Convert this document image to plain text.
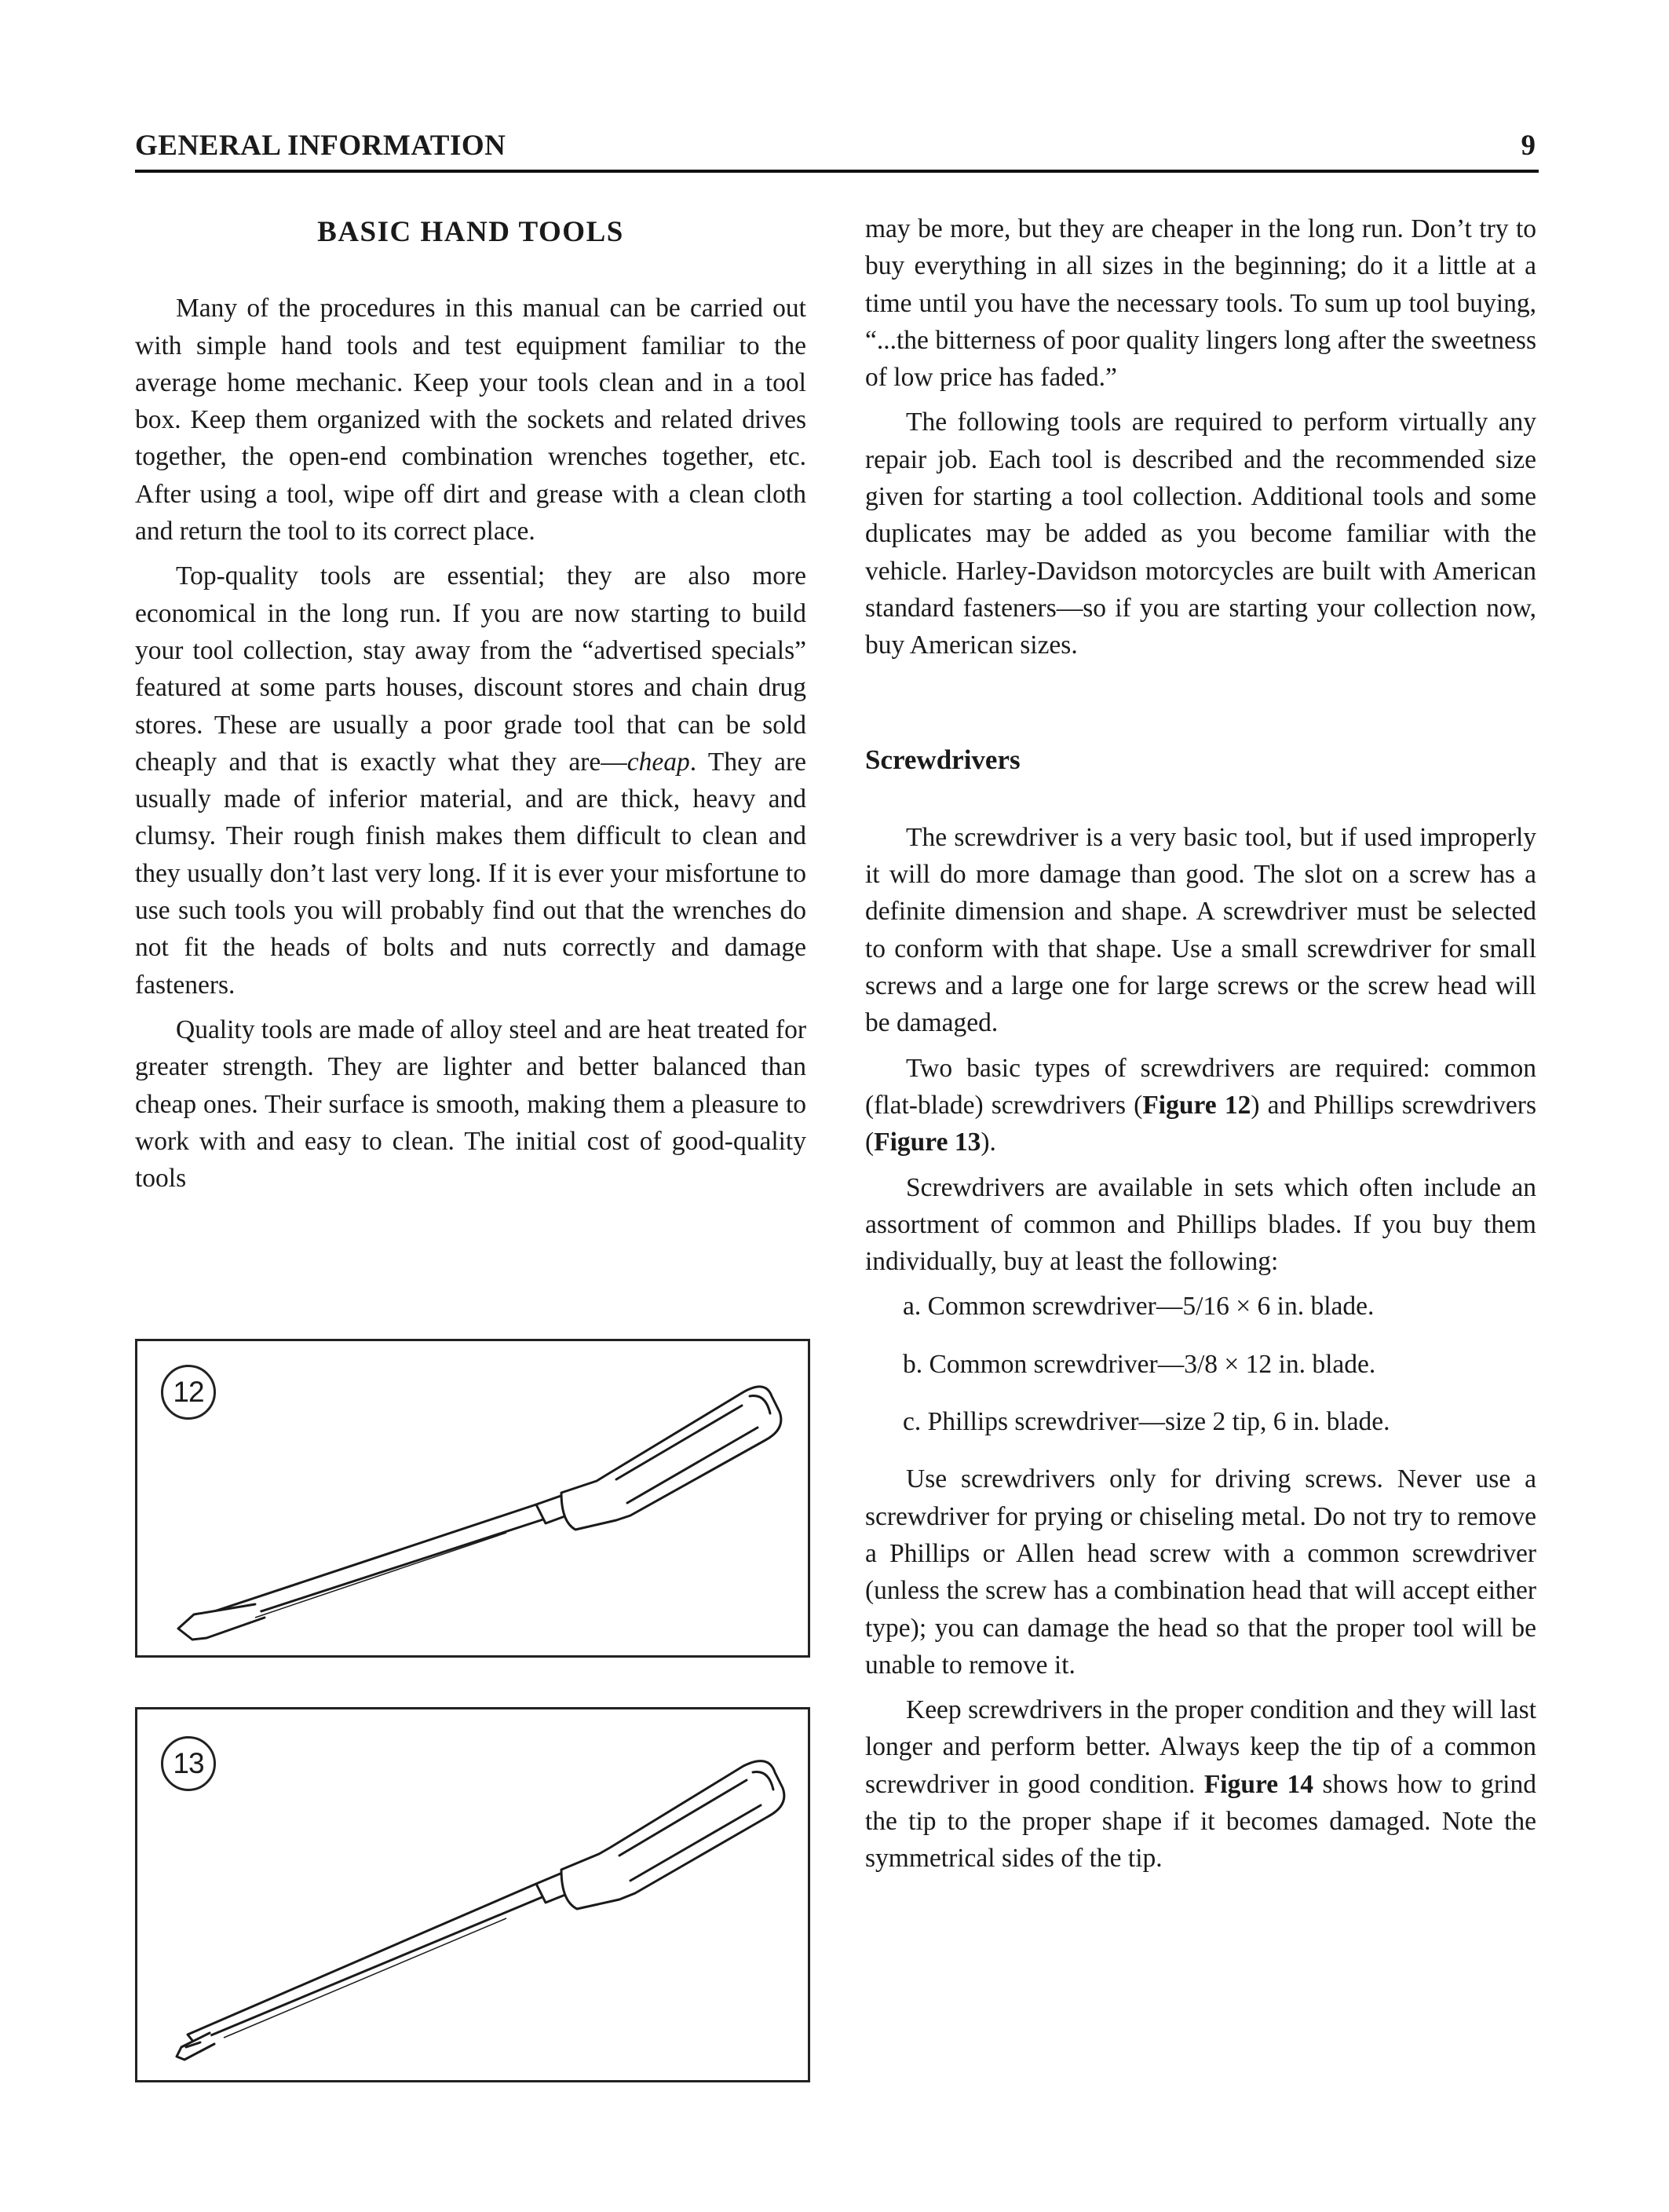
GENERAL INFORMATION	9
BASIC HAND TOOLS

Many of the procedures in this manual can be carried out with simple hand tools and test equipment familiar to the average home mechanic. Keep your tools clean and in a tool box. Keep them organized with the sockets and related drives together, the open-end combination wrenches together, etc. After using a tool, wipe off dirt and grease with a clean cloth and return the tool to its correct place.

Top-quality tools are essential; they are also more economical in the long run. If you are now starting to build your tool collection, stay away from the “advertised specials” featured at some parts houses, discount stores and chain drug stores. These are usually a poor grade tool that can be sold cheaply and that is exactly what they are—cheap. They are usually made of inferior material, and are thick, heavy and clumsy. Their rough finish makes them difficult to clean and they usually don’t last very long. If it is ever your misfortune to use such tools you will probably find out that the wrenches do not fit the heads of bolts and nuts correctly and damage fasteners.

Quality tools are made of alloy steel and are heat treated for greater strength. They are lighter and better balanced than cheap ones. Their surface is smooth, making them a pleasure to work with and easy to clean. The initial cost of good-quality tools

12
13

may be more, but they are cheaper in the long run. Don’t try to buy everything in all sizes in the beginning; do it a little at a time until you have the necessary tools. To sum up tool buying, “...the bitterness of poor quality lingers long after the sweetness of low price has faded.”

The following tools are required to perform virtually any repair job. Each tool is described and the recommended size given for starting a tool collection. Additional tools and some duplicates may be added as you become familiar with the vehicle. Harley-Davidson motorcycles are built with American standard fasteners—so if you are starting your collection now, buy American sizes.

Screwdrivers

The screwdriver is a very basic tool, but if used improperly it will do more damage than good. The slot on a screw has a definite dimension and shape. A screwdriver must be selected to conform with that shape. Use a small screwdriver for small screws and a large one for large screws or the screw head will be damaged.

Two basic types of screwdrivers are required: common (flat-blade) screwdrivers (Figure 12) and Phillips screwdrivers (Figure 13).

Screwdrivers are available in sets which often include an assortment of common and Phillips blades. If you buy them individually, buy at least the following:

a. Common screwdriver—5/16 × 6 in. blade.

b. Common screwdriver—3/8 × 12 in. blade.

c. Phillips screwdriver—size 2 tip, 6 in. blade.

Use screwdrivers only for driving screws. Never use a screwdriver for prying or chiseling metal. Do not try to remove a Phillips or Allen head screw with a common screwdriver (unless the screw has a combination head that will accept either type); you can damage the head so that the proper tool will be unable to remove it.

Keep screwdrivers in the proper condition and they will last longer and perform better. Always keep the tip of a common screwdriver in good condition. Figure 14 shows how to grind the tip to the proper shape if it becomes damaged. Note the symmetrical sides of the tip.
